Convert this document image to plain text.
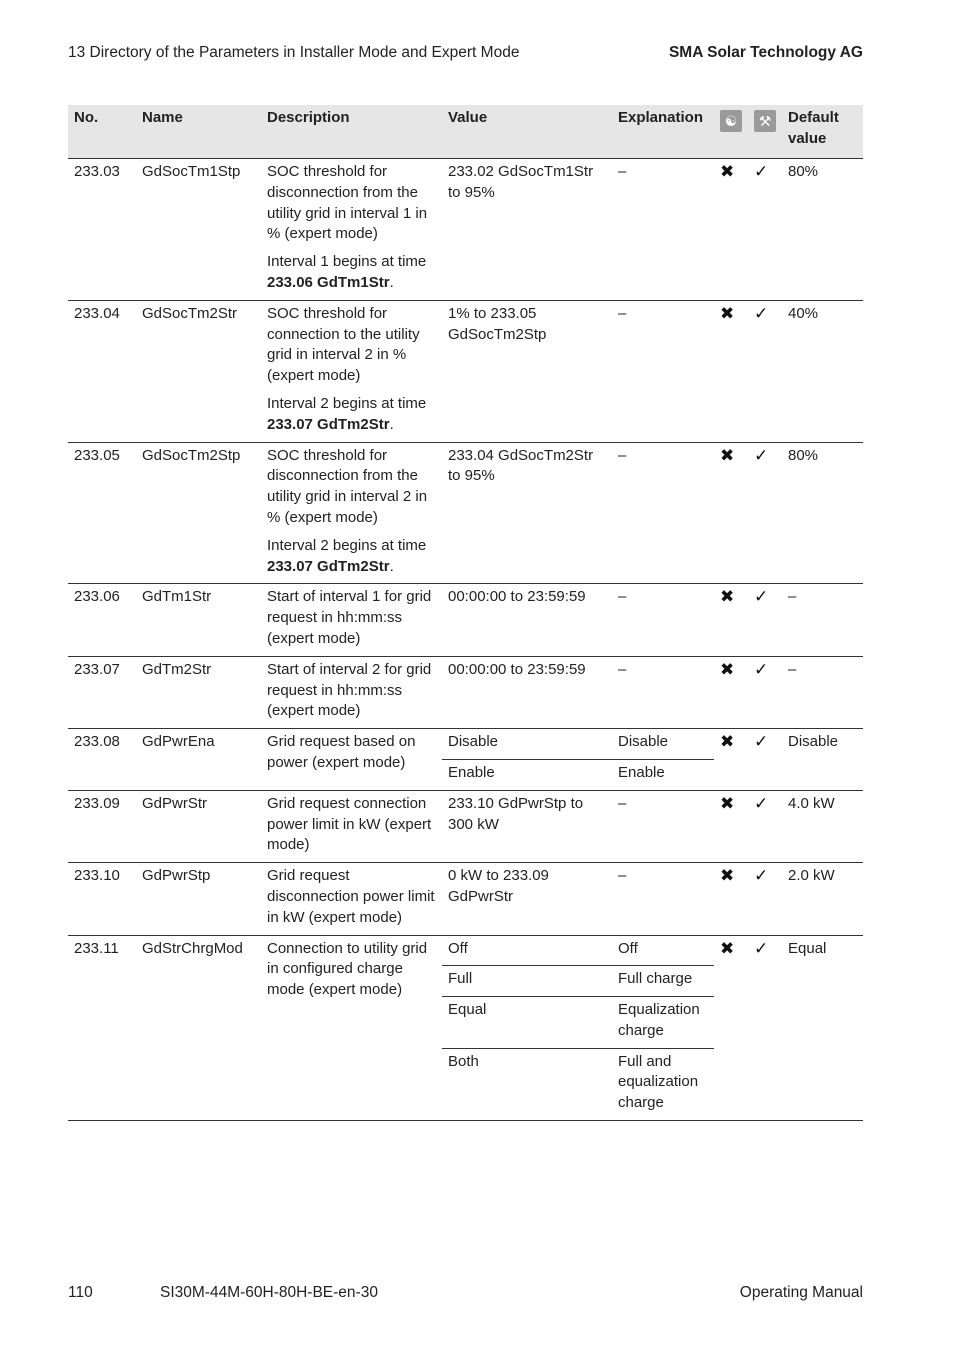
13 Directory of the Parameters in Installer Mode and Expert Mode	SMA Solar Technology AG
No.	Name	Description	Value	Explanation	☯	⚒	Default value
233.03	GdSocTm1Stp	SOC threshold for disconnection from the utility grid in interval 1 in % (expert mode)

Interval 1 begins at time 233.06 GdTm1Str.	233.02 GdSocTm1Str to 95%	–	✖	✓	80%
233.04	GdSocTm2Str	SOC threshold for connection to the utility grid in interval 2 in % (expert mode)

Interval 2 begins at time 233.07 GdTm2Str.	1% to 233.05 GdSocTm2Stp	–	✖	✓	40%
233.05	GdSocTm2Stp	SOC threshold for disconnection from the utility grid in interval 2 in % (expert mode)

Interval 2 begins at time 233.07 GdTm2Str.	233.04 GdSocTm2Str to 95%	–	✖	✓	80%
233.06	GdTm1Str	Start of interval 1 for grid request in hh:mm:ss (expert mode)	00:00:00 to 23:59:59	–	✖	✓	–
233.07	GdTm2Str	Start of interval 2 for grid request in hh:mm:ss (expert mode)	00:00:00 to 23:59:59	–	✖	✓	–
233.08	GdPwrEna	Grid request based on power (expert mode)	Disable	Disable	✖	✓	Disable
			Enable	Enable			
233.09	GdPwrStr	Grid request connection power limit in kW (expert mode)	233.10 GdPwrStp to 300 kW	–	✖	✓	4.0 kW
233.10	GdPwrStp	Grid request disconnection power limit in kW (expert mode)	0 kW to 233.09 GdPwrStr	–	✖	✓	2.0 kW
233.11	GdStrChrgMod	Connection to utility grid in configured charge mode (expert mode)	Off	Off	✖	✓	Equal
			Full	Full charge			
			Equal	Equalization charge			
			Both	Full and equalization charge			
110	SI30M-44M-60H-80H-BE-en-30	Operating Manual
